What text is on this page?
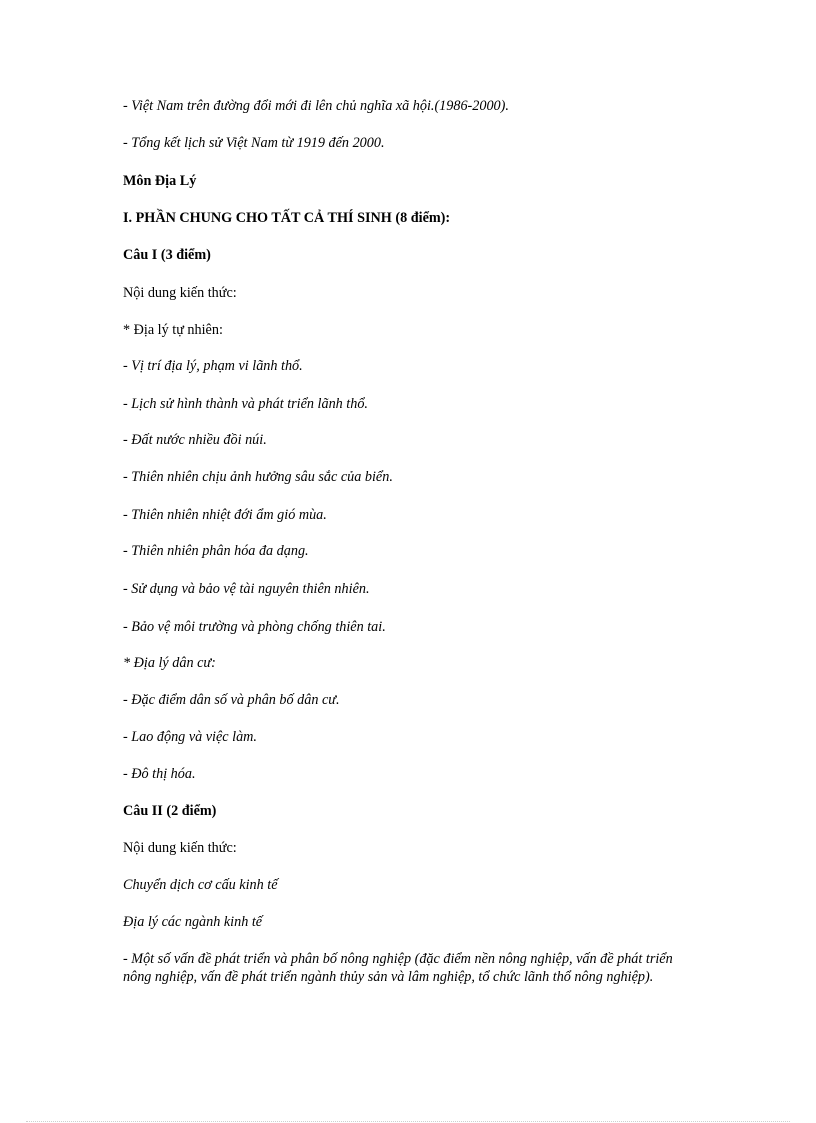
- Việt Nam trên đường đổi mới đi lên chủ nghĩa xã hội.(1986-2000).

- Tổng kết lịch sử Việt Nam từ 1919 đến 2000.

Môn Địa Lý

I. PHẦN CHUNG CHO TẤT CẢ THÍ SINH (8 điểm):

Câu I (3 điểm)

Nội dung kiến thức:

* Địa lý tự nhiên:

- Vị trí địa lý, phạm vi lãnh thổ.

- Lịch sử hình thành và phát triển lãnh thổ.

- Đất nước nhiều đồi núi.

- Thiên nhiên chịu ảnh hưởng sâu sắc của biển.

- Thiên nhiên nhiệt đới ẩm gió mùa.

- Thiên nhiên phân hóa đa dạng.

- Sử dụng và bảo vệ tài nguyên thiên nhiên.

- Bảo vệ môi trường và phòng chống thiên tai.

* Địa lý dân cư:

- Đặc điểm dân số và phân bố dân cư.

- Lao động và việc làm.

- Đô thị hóa.

Câu II (2 điểm)

Nội dung kiến thức:

Chuyển dịch cơ cấu kinh tế

Địa lý các ngành kinh tế

- Một số vấn đề phát triển và phân bố nông nghiệp (đặc điểm nền nông nghiệp, vấn đề phát triển nông nghiệp, vấn đề phát triển ngành thủy sản và lâm nghiệp, tổ chức lãnh thổ nông nghiệp).
